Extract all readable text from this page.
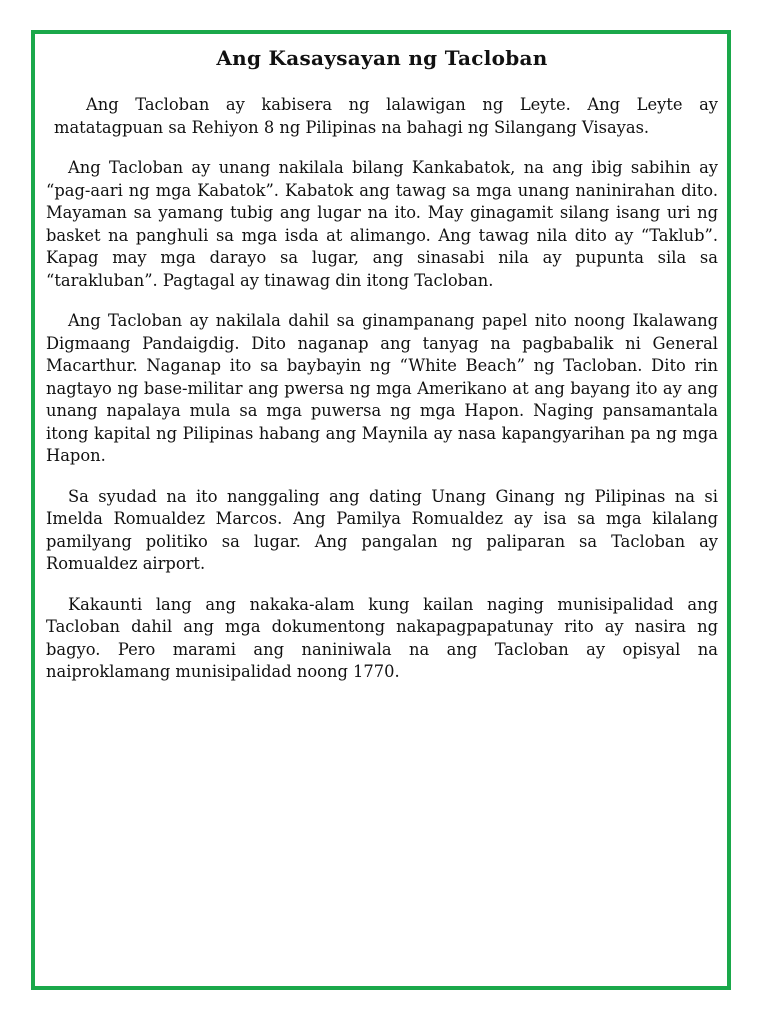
Ang Kasaysayan ng Tacloban

Ang Tacloban ay kabisera ng lalawigan ng Leyte. Ang Leyte ay matatagpuan sa Rehiyon 8 ng Pilipinas na bahagi ng Silangang Visayas.

Ang Tacloban ay unang nakilala bilang Kankabatok, na ang ibig sabihin ay “pag-aari ng mga Kabatok”. Kabatok ang tawag sa mga unang naninirahan dito. Mayaman sa yamang tubig ang lugar na ito. May ginagamit silang isang uri ng basket na panghuli sa mga isda at alimango. Ang tawag nila dito ay “Taklub”. Kapag may mga darayo sa lugar, ang sinasabi nila ay pupunta sila sa “tarakluban”. Pagtagal ay tinawag din itong Tacloban.

Ang Tacloban ay nakilala dahil sa ginampanang papel nito noong Ikalawang Digmaang Pandaigdig. Dito naganap ang tanyag na pagbabalik ni General Macarthur. Naganap ito sa baybayin ng “White Beach” ng Tacloban. Dito rin nagtayo ng base-militar ang pwersa ng mga Amerikano at ang bayang ito ay ang unang napalaya mula sa mga puwersa ng mga Hapon. Naging pansamantala itong kapital ng Pilipinas habang ang Maynila ay nasa kapangyarihan pa ng mga Hapon.

Sa syudad na ito nanggaling ang dating Unang Ginang ng Pilipinas na si Imelda Romualdez Marcos. Ang Pamilya Romualdez ay isa sa mga kilalang pamilyang politiko sa lugar. Ang pangalan ng paliparan sa Tacloban ay Romualdez airport.

Kakaunti lang ang nakaka-alam kung kailan naging munisipalidad ang Tacloban dahil ang mga dokumentong nakapagpapatunay rito ay nasira ng bagyo. Pero marami ang naniniwala na ang Tacloban ay opisyal na naiproklamang munisipalidad noong 1770.
